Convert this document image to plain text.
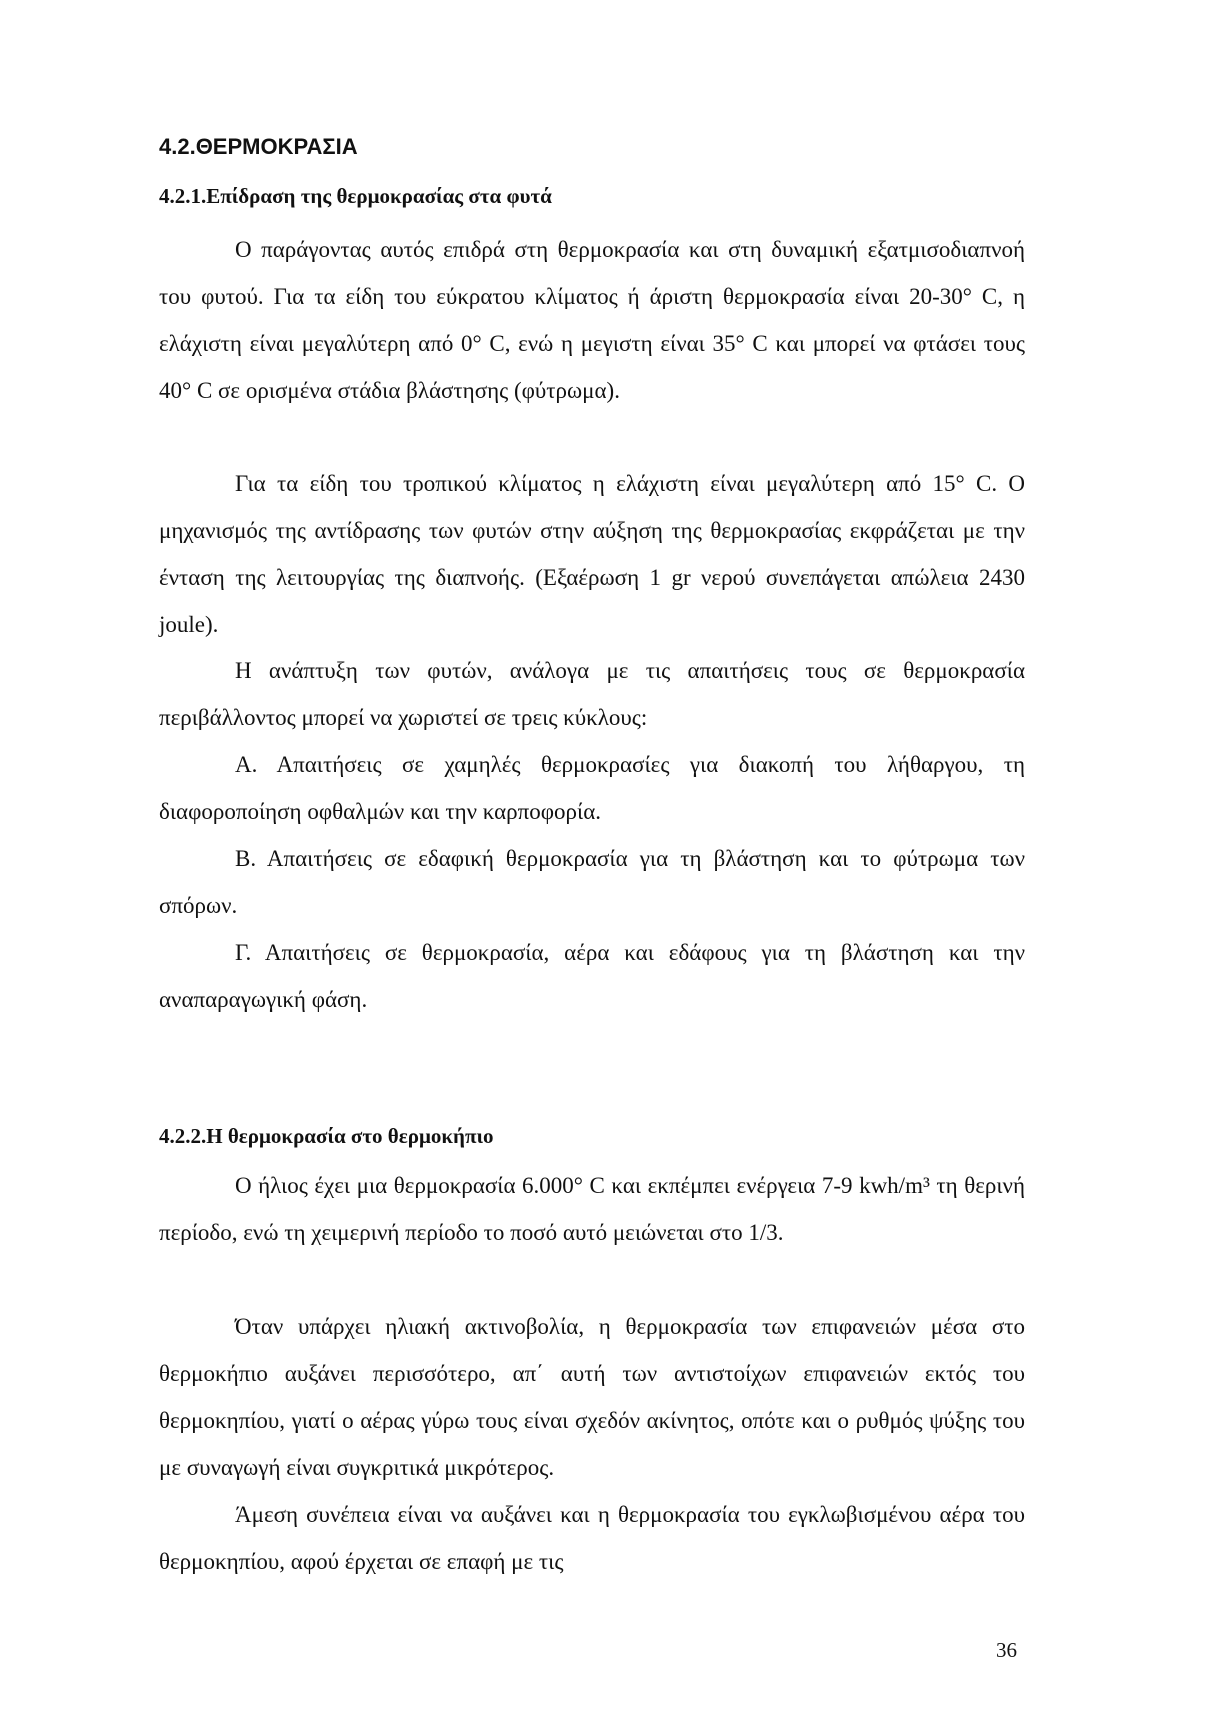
4.2.ΘΕΡΜΟΚΡΑΣΙΑ
4.2.1.Επίδραση της θερμοκρασίας στα φυτά

Ο παράγοντας αυτός επιδρά στη θερμοκρασία και στη δυναμική εξατμισοδιαπνοή του φυτού. Για τα είδη του εύκρατου κλίματος ή άριστη θερμοκρασία είναι 20-30° C, η ελάχιστη είναι μεγαλύτερη από 0° C, ενώ η μεγιστη είναι 35° C και μπορεί να φτάσει τους 40° C σε ορισμένα στάδια βλάστησης (φύτρωμα).

Για τα είδη του τροπικού κλίματος η ελάχιστη είναι μεγαλύτερη από 15° C. Ο μηχανισμός της αντίδρασης των φυτών στην αύξηση της θερμοκρασίας εκφράζεται με την ένταση της λειτουργίας της διαπνοής. (Εξαέρωση 1 gr νερού συνεπάγεται απώλεια 2430 joule).

Η ανάπτυξη των φυτών, ανάλογα με τις απαιτήσεις τους σε θερμοκρασία περιβάλλοντος μπορεί να χωριστεί σε τρεις κύκλους:

Α. Απαιτήσεις σε χαμηλές θερμοκρασίες για διακοπή του λήθαργου, τη διαφοροποίηση οφθαλμών και την καρποφορία.

Β. Απαιτήσεις σε εδαφική θερμοκρασία για τη βλάστηση και το φύτρωμα των σπόρων.

Γ. Απαιτήσεις σε θερμοκρασία, αέρα και εδάφους για τη βλάστηση και την αναπαραγωγική φάση.

4.2.2.Η θερμοκρασία στο θερμοκήπιο

Ο ήλιος έχει μια θερμοκρασία 6.000° C και εκπέμπει ενέργεια 7-9 kwh/m³ τη θερινή περίοδο, ενώ τη χειμερινή περίοδο το ποσό αυτό μειώνεται στο 1/3.

Όταν υπάρχει ηλιακή ακτινοβολία, η θερμοκρασία των επιφανειών μέσα στο θερμοκήπιο αυξάνει περισσότερο, απ΄ αυτή των αντιστοίχων επιφανειών εκτός του θερμοκηπίου, γιατί ο αέρας γύρω τους είναι σχεδόν ακίνητος, οπότε και ο ρυθμός ψύξης του με συναγωγή είναι συγκριτικά μικρότερος.

Άμεση συνέπεια είναι να αυξάνει και η θερμοκρασία του εγκλωβισμένου αέρα του θερμοκηπίου, αφού έρχεται σε επαφή με τις

36
